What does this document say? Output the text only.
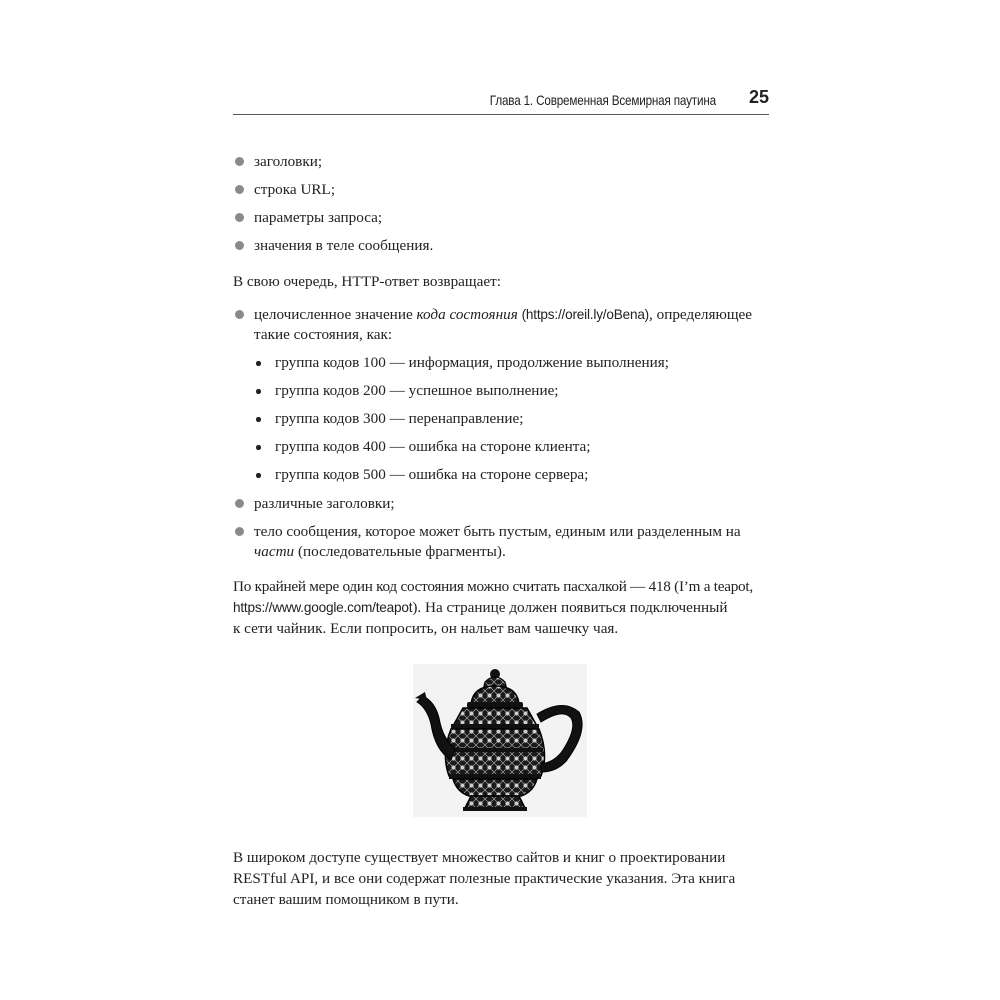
Глава 1. Современная Всемирная паутина 25
заголовки;
строка URL;
параметры запроса;
значения в теле сообщения.
В свою очередь, HTTP-ответ возвращает:
целочисленное значение кода состояния (https://oreil.ly/oBena), определяющее
такие состояния, как:
группа кодов 100 — информация, продолжение выполнения;
группа кодов 200 — успешное выполнение;
группа кодов 300 — перенаправление;
группа кодов 400 — ошибка на стороне клиента;
группа кодов 500 — ошибка на стороне сервера;
различные заголовки;
тело сообщения, которое может быть пустым, единым или разделенным на
части (последовательные фрагменты).
По крайней мере один код состояния можно считать пасхалкой — 418 (I’m a teapot,
https://www.google.com/teapot). На странице должен появиться подключенный
к сети чайник. Если попросить, он нальет вам чашечку чая.
В широком доступе существует множество сайтов и книг о проектировании
RESTful API, и все они содержат полезные практические указания. Эта книга
станет вашим помощником в пути.
